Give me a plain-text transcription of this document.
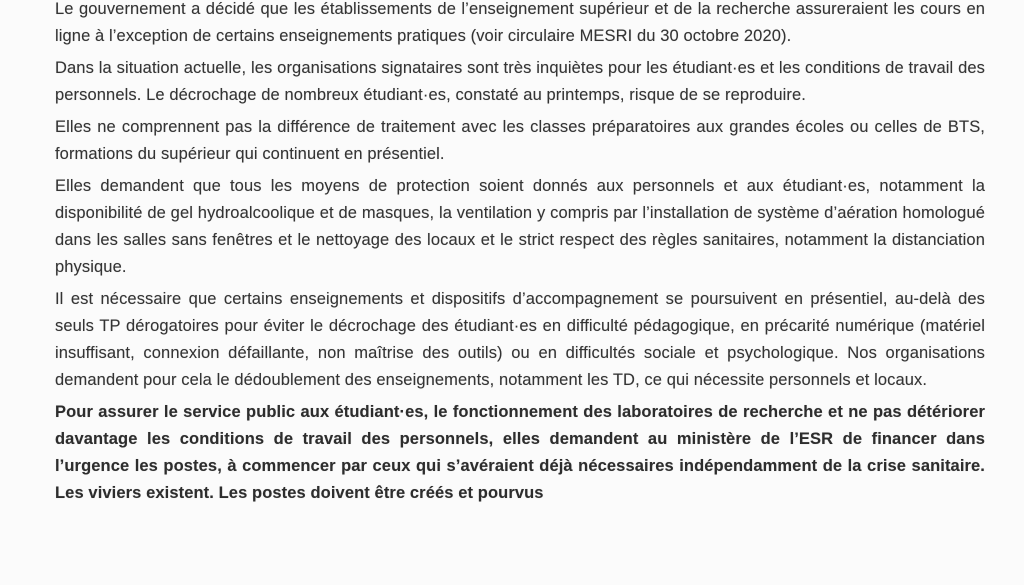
Le gouvernement a décidé que les établissements de l’enseignement supérieur et de la recherche assureraient les cours en ligne à l’exception de certains enseignements pratiques (voir circulaire MESRI du 30 octobre 2020).

Dans la situation actuelle, les organisations signataires sont très inquiètes pour les étudiant·es et les conditions de travail des personnels. Le décrochage de nombreux étudiant·es, constaté au printemps, risque de se reproduire.

Elles ne comprennent pas la différence de traitement avec les classes préparatoires aux grandes écoles ou celles de BTS, formations du supérieur qui continuent en présentiel.

Elles demandent que tous les moyens de protection soient donnés aux personnels et aux étudiant·es, notamment la disponibilité de gel hydroalcoolique et de masques, la ventilation y compris par l’installation de système d’aération homologué dans les salles sans fenêtres et le nettoyage des locaux et le strict respect des règles sanitaires, notamment la distanciation physique.

Il est nécessaire que certains enseignements et dispositifs d’accompagnement se poursuivent en présentiel, au-delà des seuls TP dérogatoires pour éviter le décrochage des étudiant·es en difficulté pédagogique, en précarité numérique (matériel insuffisant, connexion défaillante, non maîtrise des outils) ou en difficultés sociale et psychologique. Nos organisations demandent pour cela le dédoublement des enseignements, notamment les TD, ce qui nécessite personnels et locaux.

Pour assurer le service public aux étudiant·es, le fonctionnement des laboratoires de recherche et ne pas détériorer davantage les conditions de travail des personnels, elles demandent au ministère de l’ESR de financer dans l’urgence les postes, à commencer par ceux qui s’avéraient déjà nécessaires indépendamment de la crise sanitaire. Les viviers existent. Les postes doivent être créés et pourvus
